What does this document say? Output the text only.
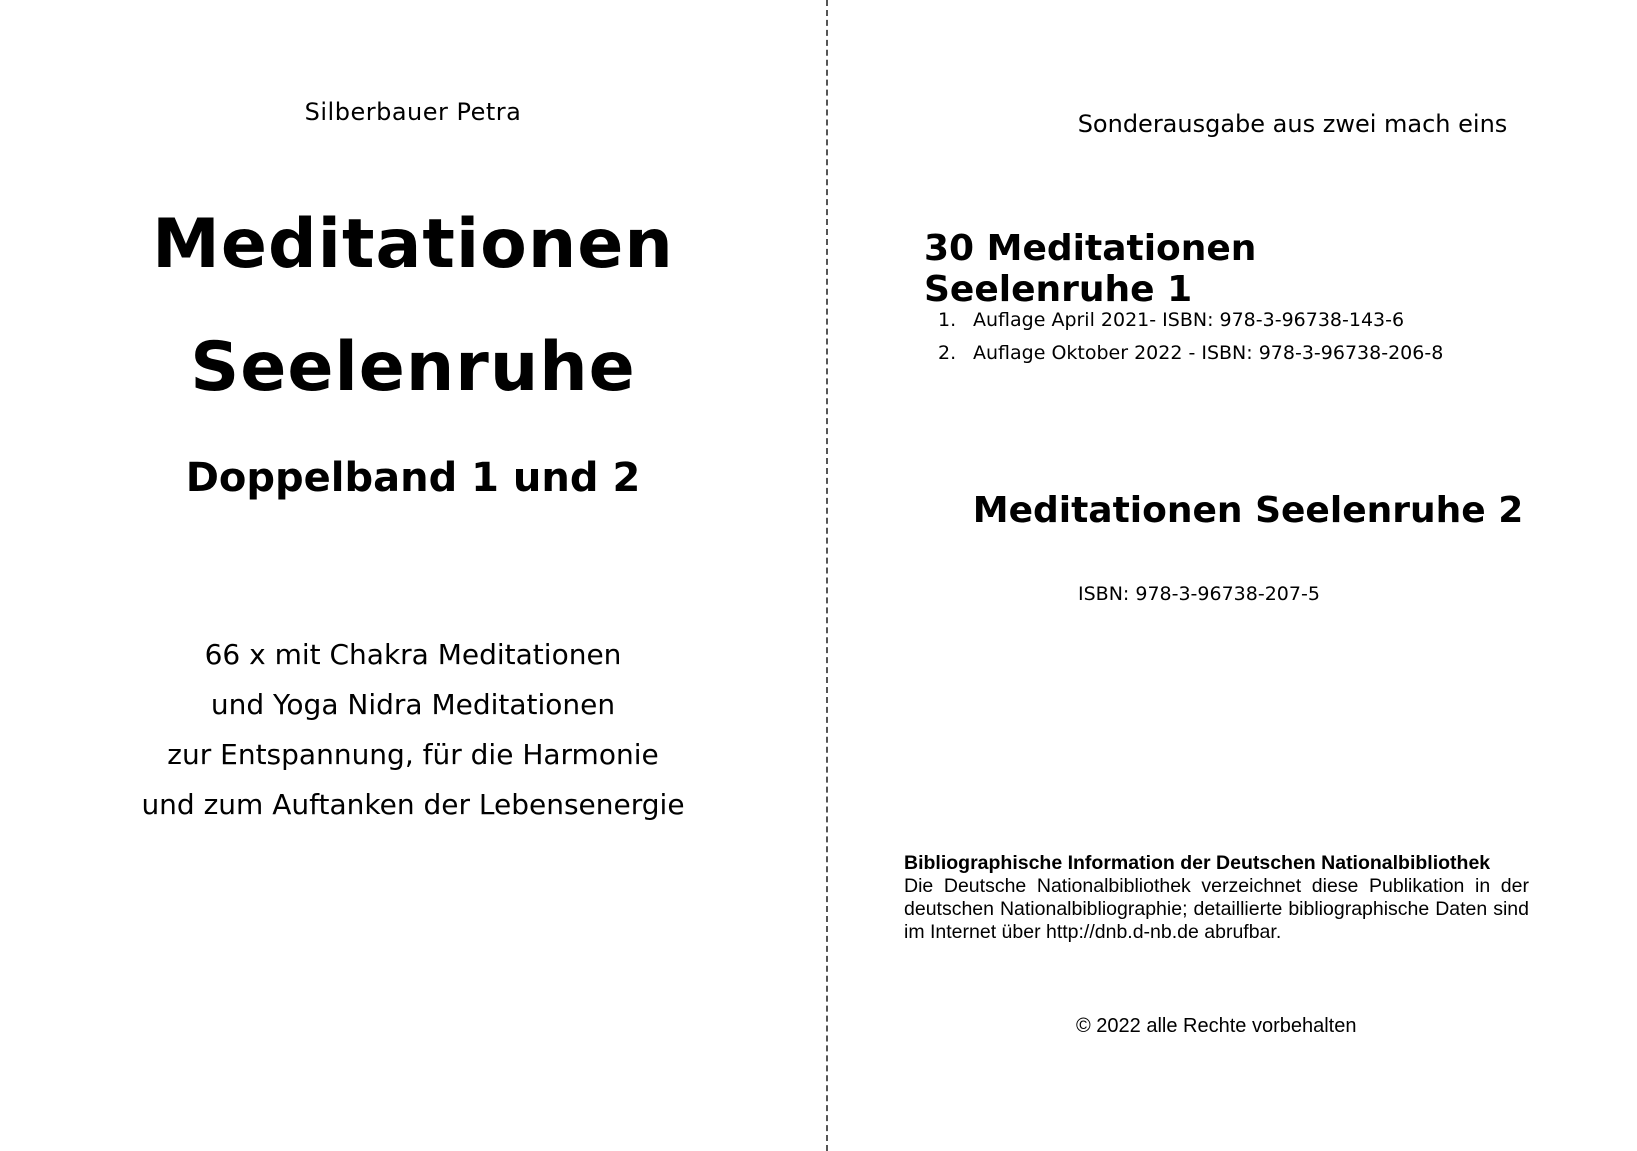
Silberbauer Petra
Meditationen
Seelenruhe
Doppelband 1 und 2
66 x mit Chakra Meditationen
und Yoga Nidra Meditationen
zur Entspannung, für die Harmonie
und zum Auftanken der Lebensenergie
Sonderausgabe aus zwei mach eins
30 Meditationen Seelenruhe 1
1. Auflage April 2021- ISBN: 978-3-96738-143-6
2. Auflage Oktober 2022 - ISBN: 978-3-96738-206-8
Meditationen Seelenruhe 2
ISBN: 978-3-96738-207-5
Bibliographische Information der Deutschen Nationalbibliothek
Die Deutsche Nationalbibliothek verzeichnet diese Publikation in der deutschen Nationalbibliographie; detaillierte bibliographische Daten sind im Internet über http://dnb.d-nb.de abrufbar.
© 2022 alle Rechte vorbehalten
